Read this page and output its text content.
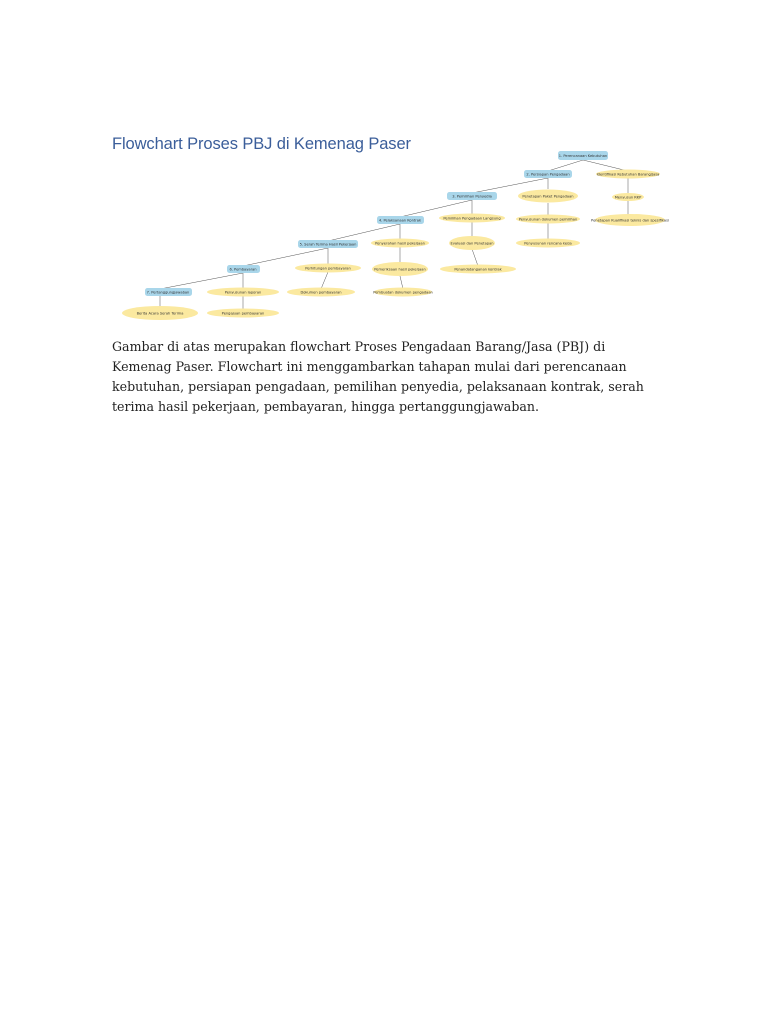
Flowchart Proses PBJ di Kemenag Paser
1. Perencanaan Kebutuhan
2. Persiapan Pengadaan
3. Pemilihan Penyedia
4. Pelaksanaan Kontrak
5. Serah Terima Hasil Pekerjaan
6. Pembayaran
7. Pertanggungjawaban
Identifikasi Kebutuhan Barang/Jasa
Menyusun RKP
Penetapan Kualifikasi teknis dan spesifikasi
Penetapan Paket Pengadaan
Penyusunan dokumen pemilihan
Penyusunan rencana kerja
Pemilihan Pengadaan Langsung
Evaluasi dan Penetapan
Penandatanganan kontrak
Penyerahan hasil pekerjaan
Pemeriksaan hasil pekerjaan
Pembuatan dokumen pengadaan
Perhitungan pembayaran
Dokumen pembayaran
Penyusunan laporan
Pengajuan pembayaran
Berita Acara Serah Terima

Gambar di atas merupakan flowchart Proses Pengadaan Barang/Jasa (PBJ) di Kemenag Paser. Flowchart ini menggambarkan tahapan mulai dari perencanaan kebutuhan, persiapan pengadaan, pemilihan penyedia, pelaksanaan kontrak, serah terima hasil pekerjaan, pembayaran, hingga pertanggungjawaban.
